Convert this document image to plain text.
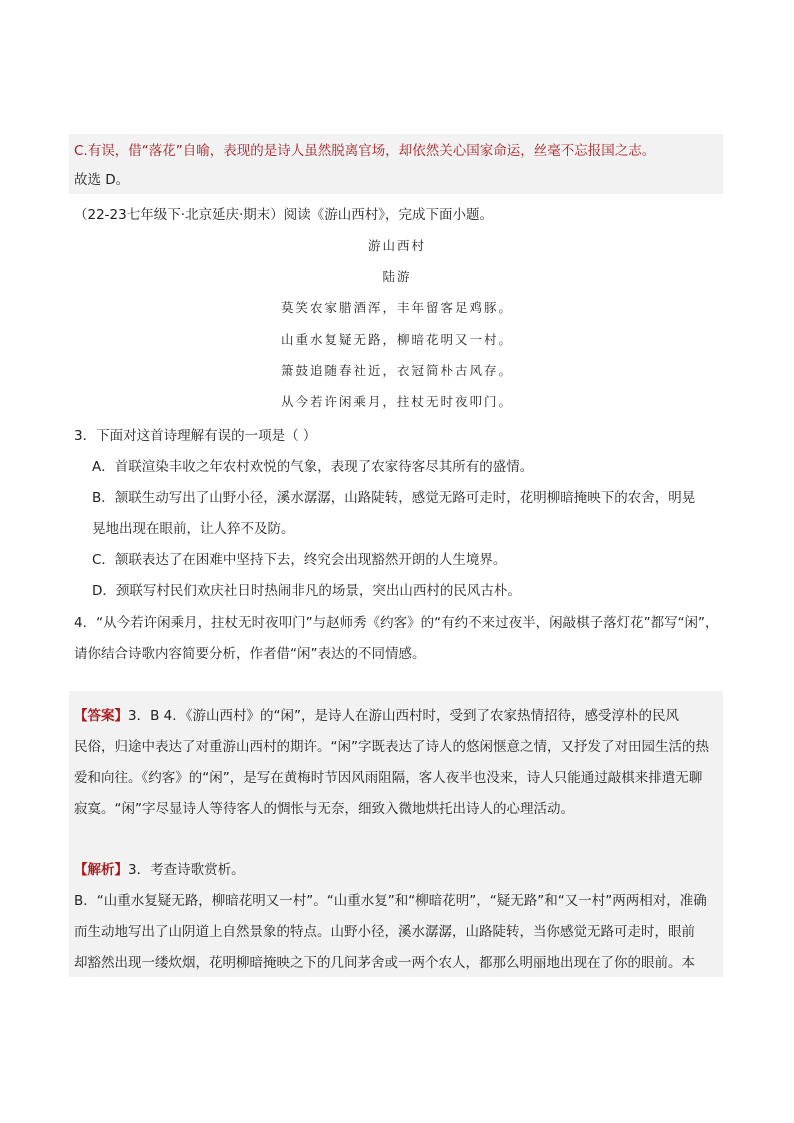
C.有误，借“落花”自喻，表现的是诗人虽然脱离官场，却依然关心国家命运，丝毫不忘报国之志。
故选 D。
（22-23七年级下·北京延庆·期末）阅读《游山西村》，完成下面小题。
游山西村
陆游
莫笑农家腊酒浑，丰年留客足鸡豚。
山重水复疑无路，柳暗花明又一村。
箫鼓追随春社近，衣冠简朴古风存。
从今若许闲乘月，拄杖无时夜叩门。
3．下面对这首诗理解有误的一项是（ ）
A．首联渲染丰收之年农村欢悦的气象，表现了农家待客尽其所有的盛情。
B．颔联生动写出了山野小径，溪水潺潺，山路陡转，感觉无路可走时，花明柳暗掩映下的农舍，明晃
晃地出现在眼前，让人猝不及防。
C．颔联表达了在困难中坚持下去，终究会出现豁然开朗的人生境界。
D．颈联写村民们欢庆社日时热闹非凡的场景，突出山西村的民风古朴。
4．“从今若许闲乘月，拄杖无时夜叩门”与赵师秀《约客》的“有约不来过夜半，闲敲棋子落灯花”都写“闲”，
请你结合诗歌内容简要分析，作者借“闲”表达的不同情感。
【答案】3．B 4．《游山西村》的“闲”，是诗人在游山西村时，受到了农家热情招待，感受淳朴的民风
民俗，归途中表达了对重游山西村的期许。“闲”字既表达了诗人的悠闲惬意之情，又抒发了对田园生活的热
爱和向往。《约客》的“闲”，是写在黄梅时节因风雨阻隔，客人夜半也没来，诗人只能通过敲棋来排遣无聊
寂寞。“闲”字尽显诗人等待客人的惆怅与无奈，细致入微地烘托出诗人的心理活动。
【解析】3．考查诗歌赏析。
B．“山重水复疑无路，柳暗花明又一村”。“山重水复”和“柳暗花明”，“疑无路”和“又一村”两两相对，准确
而生动地写出了山阴道上自然景象的特点。山野小径，溪水潺潺，山路陡转，当你感觉无路可走时，眼前
却豁然出现一缕炊烟，花明柳暗掩映之下的几间茅舍或一两个农人，都那么明丽地出现在了你的眼前。本
